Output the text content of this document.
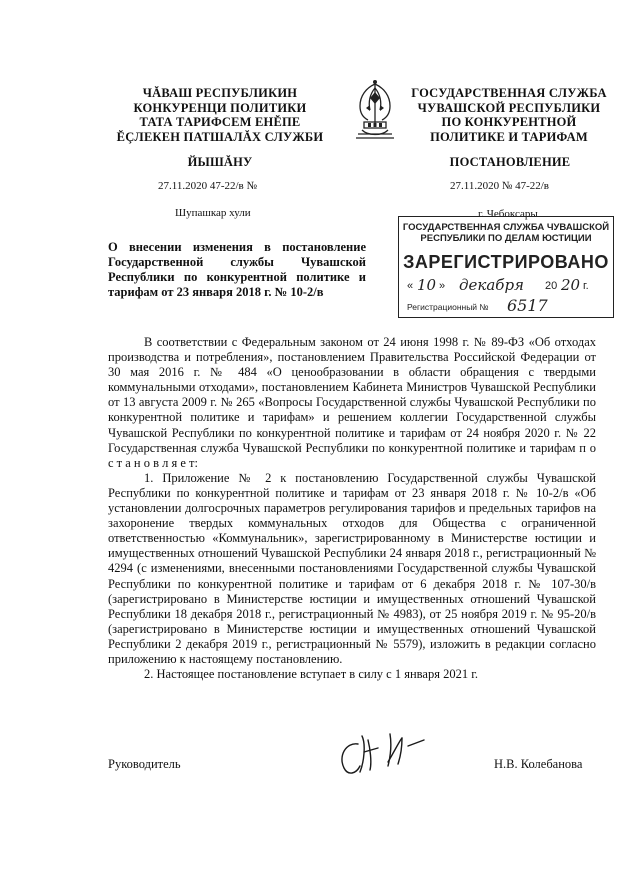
ЧĂВАШ РЕСПУБЛИКИН
КОНКУРЕНЦИ ПОЛИТИКИ
ТАТА ТАРИФСЕМ ЕНĔПЕ
ĔÇЛЕКЕН ПАТШАЛĂХ СЛУЖБИ
ГОСУДАРСТВЕННАЯ СЛУЖБА
ЧУВАШСКОЙ РЕСПУБЛИКИ
ПО КОНКУРЕНТНОЙ
ПОЛИТИКЕ И ТАРИФАМ
ЙЫШĂНУ	ПОСТАНОВЛЕНИЕ
27.11.2020 47-22/в №	27.11.2020 № 47-22/в
Шупашкар хули	г. Чебоксары
ГОСУДАРСТВЕННАЯ СЛУЖБА ЧУВАШСКОЙ
РЕСПУБЛИКИ ПО ДЕЛАМ ЮСТИЦИИ
ЗАРЕГИСТРИРОВАНО
« 10 » декабря 20 20 г.
Регистрационный № 6517
О внесении изменения в постановление Государственной службы Чувашской Республики по конкурентной политике и тарифам от 23 января 2018 г. № 10-2/в

В соответствии с Федеральным законом от 24 июня 1998 г. № 89-ФЗ «Об отходах производства и потребления», постановлением Правительства Российской Федерации от 30 мая 2016 г. № 484 «О ценообразовании в области обращения с твердыми коммунальными отходами», постановлением Кабинета Министров Чувашской Республики от 13 августа 2009 г. № 265 «Вопросы Государственной службы Чувашской Республики по конкурентной политике и тарифам» и решением коллегии Государственной службы Чувашской Республики по конкурентной политике и тарифам от 24 ноября 2020 г. № 22 Государственная служба Чувашской Республики по конкурентной политике и тарифам п о с т а н о в л я е т:

1. Приложение № 2 к постановлению Государственной службы Чувашской Республики по конкурентной политике и тарифам от 23 января 2018 г. № 10-2/в «Об установлении долгосрочных параметров регулирования тарифов и предельных тарифов на захоронение твердых коммунальных отходов для Общества с ограниченной ответственностью «Коммунальник», зарегистрированному в Министерстве юстиции и имущественных отношений Чувашской Республики 24 января 2018 г., регистрационный № 4294 (с изменениями, внесенными постановлениями Государственной службы Чувашской Республики по конкурентной политике и тарифам от 6 декабря 2018 г. № 107-30/в (зарегистрировано в Министерстве юстиции и имущественных отношений Чувашской Республики 18 декабря 2018 г., регистрационный № 4983), от 25 ноября 2019 г. № 95-20/в (зарегистрировано в Министерстве юстиции и имущественных отношений Чувашской Республики 2 декабря 2019 г., регистрационный № 5579), изложить в редакции согласно приложению к настоящему постановлению.

2. Настоящее постановление вступает в силу с 1 января 2021 г.

Руководитель	Н.В. Колебанова
